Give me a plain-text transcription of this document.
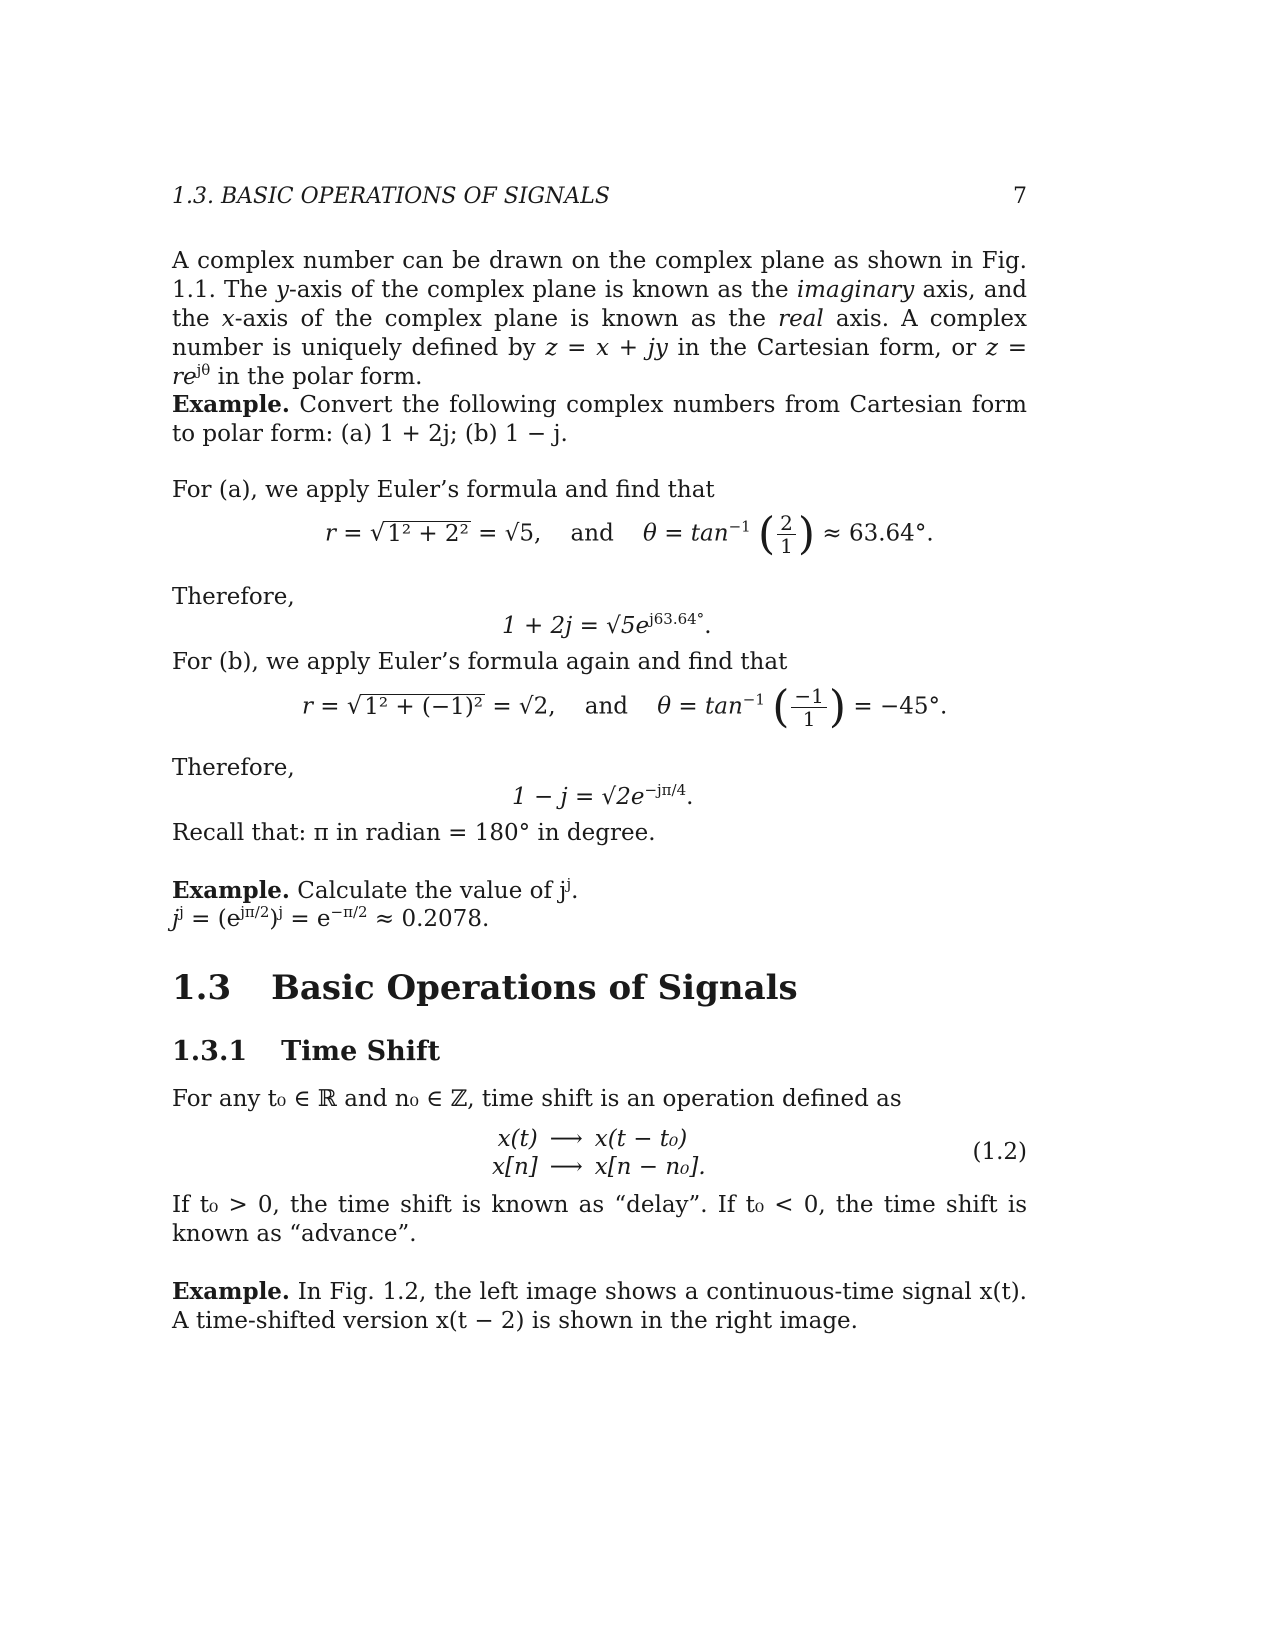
1.3. BASIC OPERATIONS OF SIGNALS	7
A complex number can be drawn on the complex plane as shown in Fig. 1.1. The y-axis of the complex plane is known as the imaginary axis, and the x-axis of the complex plane is known as the real axis. A complex number is uniquely defined by z = x + jy in the Cartesian form, or $z = re^{j\theta}$ in the polar form.
Example. Convert the following complex numbers from Cartesian form to polar form: (a) 1 + 2j; (b) 1 − j.
For (a), we apply Euler’s formula and find that
r = √1² + 2² = √5, and $\theta = \tan^{-1}$ ( $\frac{2}{1}$ ) ≈ 63.64°.
Therefore,
$1 + 2j = √5e^{j63.64^\circ}$.
For (b), we apply Euler’s formula again and find that
r = √1² + (−1)² = √2, and $\theta = \tan^{-1}$ ( $\frac{-1}{1}$ ) = −45°.
Therefore,
$1 - j = √2e^{-j\pi/4}$.
Recall that: π in radian = 180° in degree.
Example. Calculate the value of $j^j$.
$j^j = (e^{j\pi/2})^j = e^{-\pi/2} \approx 0.2078$.
1.3 Basic Operations of Signals
1.3.1 Time Shift
For any t₀ ∈ ℝ and n₀ ∈ ℤ, time shift is an operation defined as
x(t) ⟶ x(t − t₀)
x[n] ⟶ x[n − n₀].
(1.2)
If t₀ > 0, the time shift is known as “delay”. If t₀ < 0, the time shift is known as “advance”.
Example. In Fig. 1.2, the left image shows a continuous-time signal x(t). A time-shifted version x(t − 2) is shown in the right image.
